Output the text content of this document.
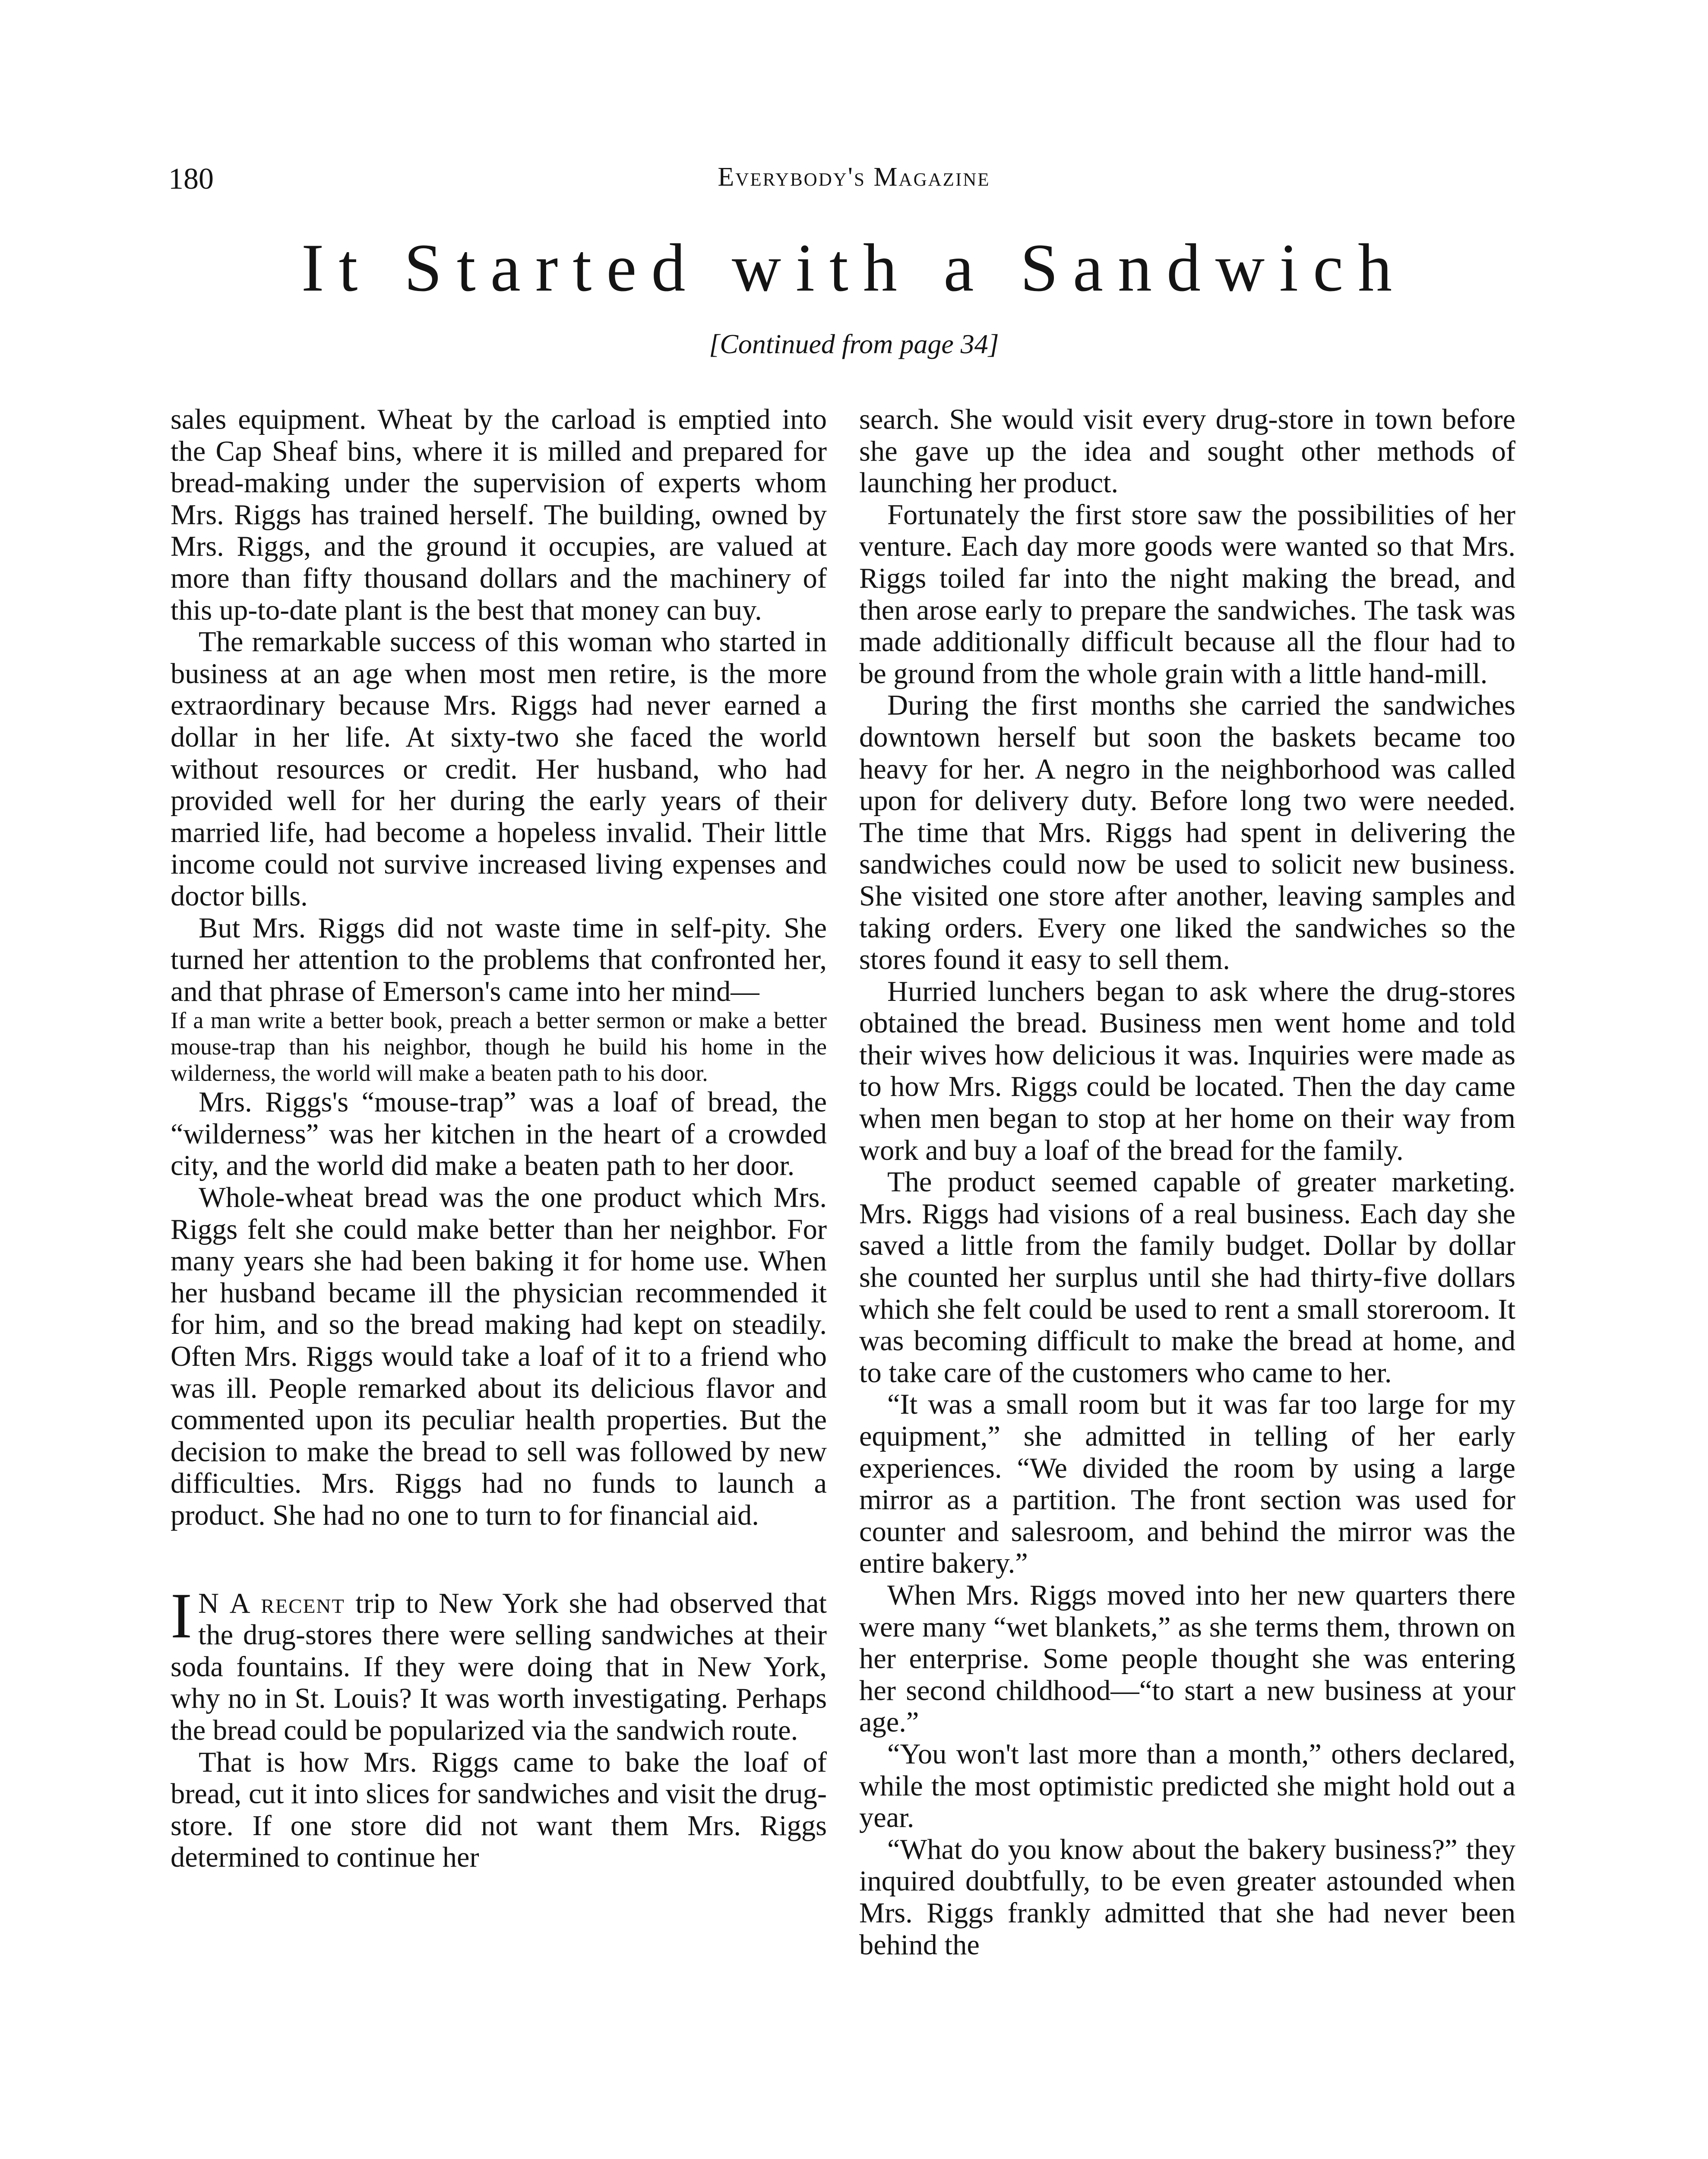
180	Everybody's Magazine
It Started with a Sandwich
[Continued from page 34]

sales equipment. Wheat by the carload is emptied into the Cap Sheaf bins, where it is milled and prepared for bread-making under the supervision of experts whom Mrs. Riggs has trained herself. The building, owned by Mrs. Riggs, and the ground it occupies, are valued at more than fifty thousand dollars and the machinery of this up-to-date plant is the best that money can buy.

The remarkable success of this woman who started in business at an age when most men retire, is the more extraordinary because Mrs. Riggs had never earned a dollar in her life. At sixty-two she faced the world without resources or credit. Her husband, who had provided well for her during the early years of their married life, had become a hopeless invalid. Their little income could not survive increased living expenses and doctor bills.

But Mrs. Riggs did not waste time in self-pity. She turned her attention to the problems that confronted her, and that phrase of Emerson's came into her mind—

If a man write a better book, preach a better sermon or make a better mouse-trap than his neighbor, though he build his home in the wilderness, the world will make a beaten path to his door.

Mrs. Riggs's “mouse-trap” was a loaf of bread, the “wilderness” was her kitchen in the heart of a crowded city, and the world did make a beaten path to her door.

Whole-wheat bread was the one product which Mrs. Riggs felt she could make better than her neighbor. For many years she had been baking it for home use. When her husband became ill the physician recommended it for him, and so the bread making had kept on steadily. Often Mrs. Riggs would take a loaf of it to a friend who was ill. People remarked about its delicious flavor and commented upon its peculiar health properties. But the decision to make the bread to sell was followed by new difficulties. Mrs. Riggs had no funds to launch a product. She had no one to turn to for financial aid.

I N A recent trip to New York she had observed that the drug-stores there were selling sandwiches at their soda fountains. If they were doing that in New York, why no in St. Louis? It was worth investigating. Perhaps the bread could be popularized via the sandwich route.

That is how Mrs. Riggs came to bake the loaf of bread, cut it into slices for sandwiches and visit the drug-store. If one store did not want them Mrs. Riggs determined to continue her

search. She would visit every drug-store in town before she gave up the idea and sought other methods of launching her product.

Fortunately the first store saw the possibilities of her venture. Each day more goods were wanted so that Mrs. Riggs toiled far into the night making the bread, and then arose early to prepare the sandwiches. The task was made additionally difficult because all the flour had to be ground from the whole grain with a little hand-mill.

During the first months she carried the sandwiches downtown herself but soon the baskets became too heavy for her. A negro in the neighborhood was called upon for delivery duty. Before long two were needed. The time that Mrs. Riggs had spent in delivering the sandwiches could now be used to solicit new business. She visited one store after another, leaving samples and taking orders. Every one liked the sandwiches so the stores found it easy to sell them.

Hurried lunchers began to ask where the drug-stores obtained the bread. Business men went home and told their wives how delicious it was. Inquiries were made as to how Mrs. Riggs could be located. Then the day came when men began to stop at her home on their way from work and buy a loaf of the bread for the family.

The product seemed capable of greater marketing. Mrs. Riggs had visions of a real business. Each day she saved a little from the family budget. Dollar by dollar she counted her surplus until she had thirty-five dollars which she felt could be used to rent a small storeroom. It was becoming difficult to make the bread at home, and to take care of the customers who came to her.

“It was a small room but it was far too large for my equipment,” she admitted in telling of her early experiences. “We divided the room by using a large mirror as a partition. The front section was used for counter and salesroom, and behind the mirror was the entire bakery.”

When Mrs. Riggs moved into her new quarters there were many “wet blankets,” as she terms them, thrown on her enterprise. Some people thought she was entering her second childhood—“to start a new business at your age.”

“You won't last more than a month,” others declared, while the most optimistic predicted she might hold out a year.

“What do you know about the bakery business?” they inquired doubtfully, to be even greater astounded when Mrs. Riggs frankly admitted that she had never been behind the
